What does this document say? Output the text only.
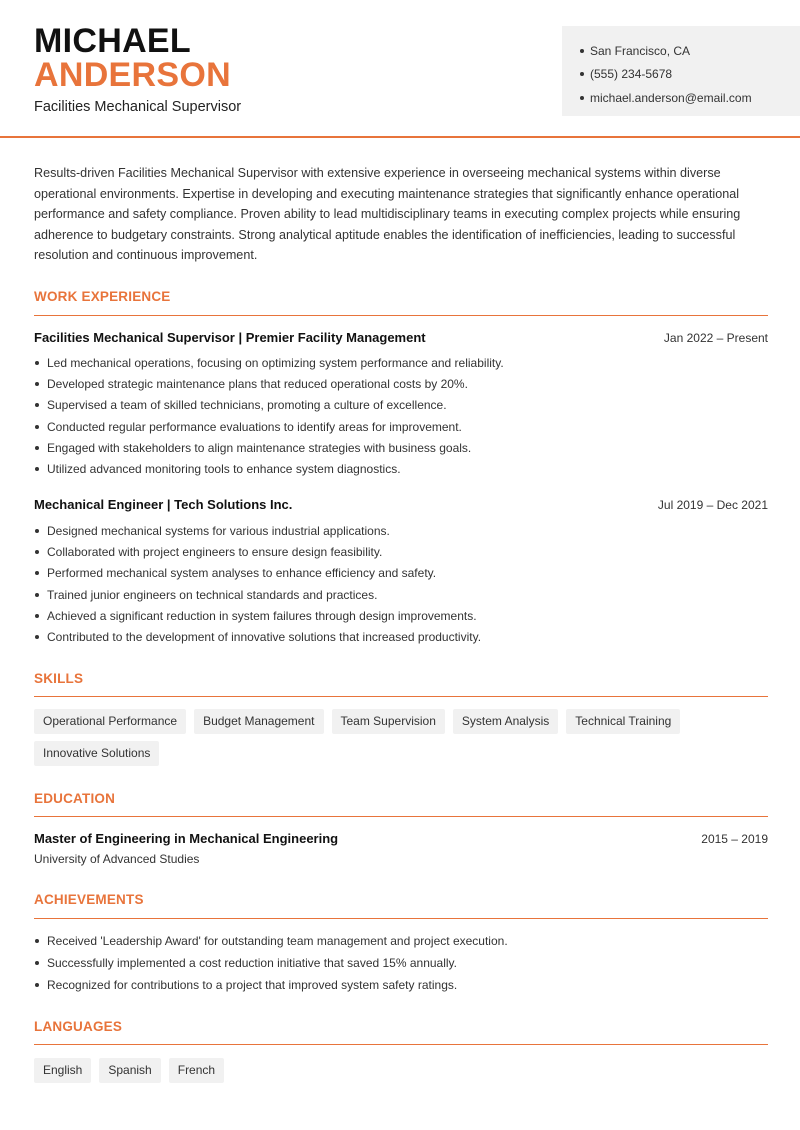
MICHAEL
ANDERSON
Facilities Mechanical Supervisor
San Francisco, CA
(555) 234-5678
michael.anderson@email.com
Results-driven Facilities Mechanical Supervisor with extensive experience in overseeing mechanical systems within diverse operational environments. Expertise in developing and executing maintenance strategies that significantly enhance operational performance and safety compliance. Proven ability to lead multidisciplinary teams in executing complex projects while ensuring adherence to budgetary constraints. Strong analytical aptitude enables the identification of inefficiencies, leading to successful resolution and continuous improvement.
WORK EXPERIENCE
Facilities Mechanical Supervisor | Premier Facility Management	Jan 2022 – Present
Led mechanical operations, focusing on optimizing system performance and reliability.
Developed strategic maintenance plans that reduced operational costs by 20%.
Supervised a team of skilled technicians, promoting a culture of excellence.
Conducted regular performance evaluations to identify areas for improvement.
Engaged with stakeholders to align maintenance strategies with business goals.
Utilized advanced monitoring tools to enhance system diagnostics.
Mechanical Engineer | Tech Solutions Inc.	Jul 2019 – Dec 2021
Designed mechanical systems for various industrial applications.
Collaborated with project engineers to ensure design feasibility.
Performed mechanical system analyses to enhance efficiency and safety.
Trained junior engineers on technical standards and practices.
Achieved a significant reduction in system failures through design improvements.
Contributed to the development of innovative solutions that increased productivity.
SKILLS
Operational Performance	Budget Management	Team Supervision	System Analysis	Technical Training
Innovative Solutions
EDUCATION
Master of Engineering in Mechanical Engineering	2015 – 2019
University of Advanced Studies
ACHIEVEMENTS
Received 'Leadership Award' for outstanding team management and project execution.
Successfully implemented a cost reduction initiative that saved 15% annually.
Recognized for contributions to a project that improved system safety ratings.
LANGUAGES
English	Spanish	French
